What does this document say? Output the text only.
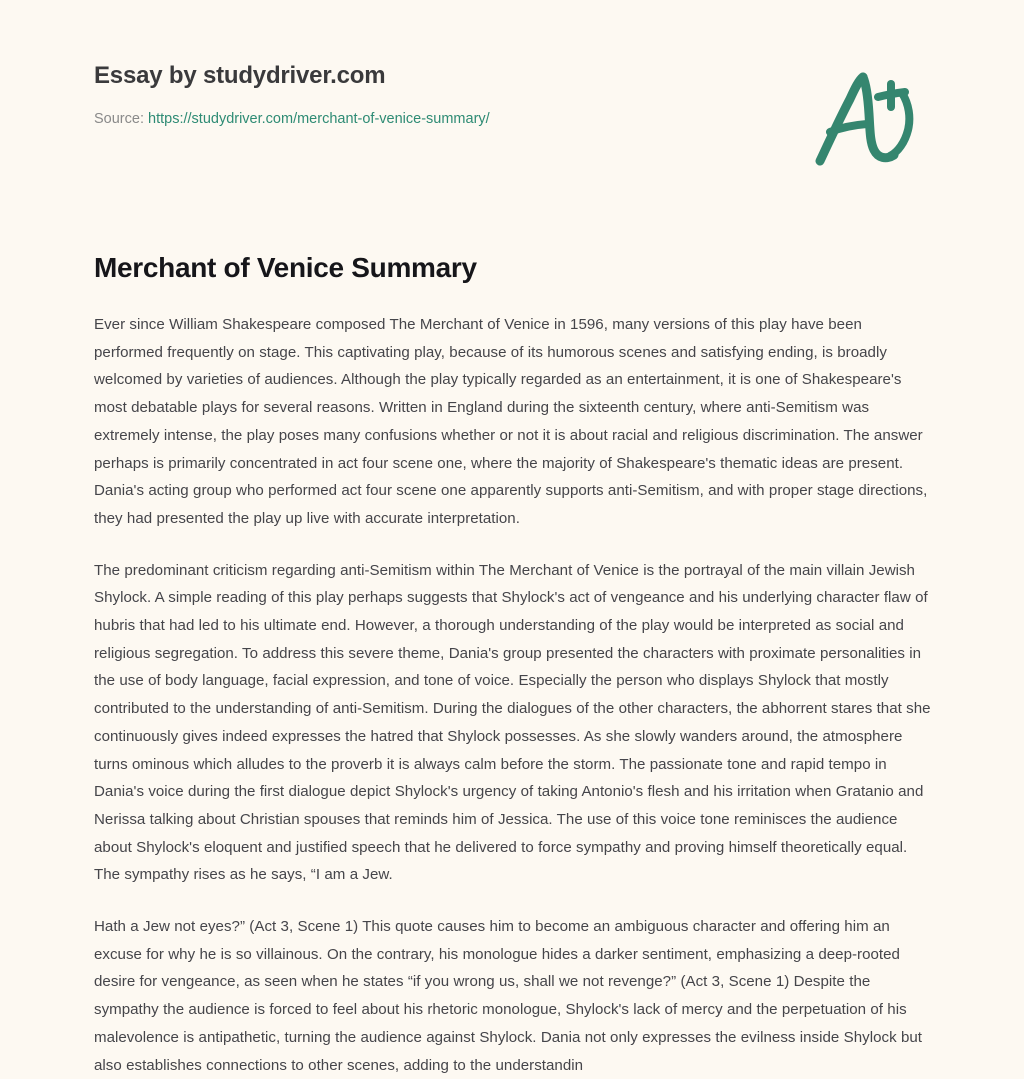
Essay by studydriver.com
Source: https://studydriver.com/merchant-of-venice-summary/
Merchant of Venice Summary

Ever since William Shakespeare composed The Merchant of Venice in 1596, many versions of this play have been performed frequently on stage. This captivating play, because of its humorous scenes and satisfying ending, is broadly welcomed by varieties of audiences. Although the play typically regarded as an entertainment, it is one of Shakespeare's most debatable plays for several reasons. Written in England during the sixteenth century, where anti-Semitism was extremely intense, the play poses many confusions whether or not it is about racial and religious discrimination. The answer perhaps is primarily concentrated in act four scene one, where the majority of Shakespeare's thematic ideas are present. Dania's acting group who performed act four scene one apparently supports anti-Semitism, and with proper stage directions, they had presented the play up live with accurate interpretation.

The predominant criticism regarding anti-Semitism within The Merchant of Venice is the portrayal of the main villain Jewish Shylock. A simple reading of this play perhaps suggests that Shylock's act of vengeance and his underlying character flaw of hubris that had led to his ultimate end. However, a thorough understanding of the play would be interpreted as social and religious segregation. To address this severe theme, Dania's group presented the characters with proximate personalities in the use of body language, facial expression, and tone of voice. Especially the person who displays Shylock that mostly contributed to the understanding of anti-Semitism. During the dialogues of the other characters, the abhorrent stares that she continuously gives indeed expresses the hatred that Shylock possesses. As she slowly wanders around, the atmosphere turns ominous which alludes to the proverb it is always calm before the storm. The passionate tone and rapid tempo in Dania's voice during the first dialogue depict Shylock's urgency of taking Antonio's flesh and his irritation when Gratanio and Nerissa talking about Christian spouses that reminds him of Jessica. The use of this voice tone reminisces the audience about Shylock's eloquent and justified speech that he delivered to force sympathy and proving himself theoretically equal. The sympathy rises as he says, “I am a Jew.

Hath a Jew not eyes?” (Act 3, Scene 1) This quote causes him to become an ambiguous character and offering him an excuse for why he is so villainous. On the contrary, his monologue hides a darker sentiment, emphasizing a deep-rooted desire for vengeance, as seen when he states “if you wrong us, shall we not revenge?” (Act 3, Scene 1) Despite the sympathy the audience is forced to feel about his rhetoric monologue, Shylock's lack of mercy and the perpetuation of his malevolence is antipathetic, turning the audience against Shylock. Dania not only expresses the evilness inside Shylock but also establishes connections to other scenes, adding to the understandin
